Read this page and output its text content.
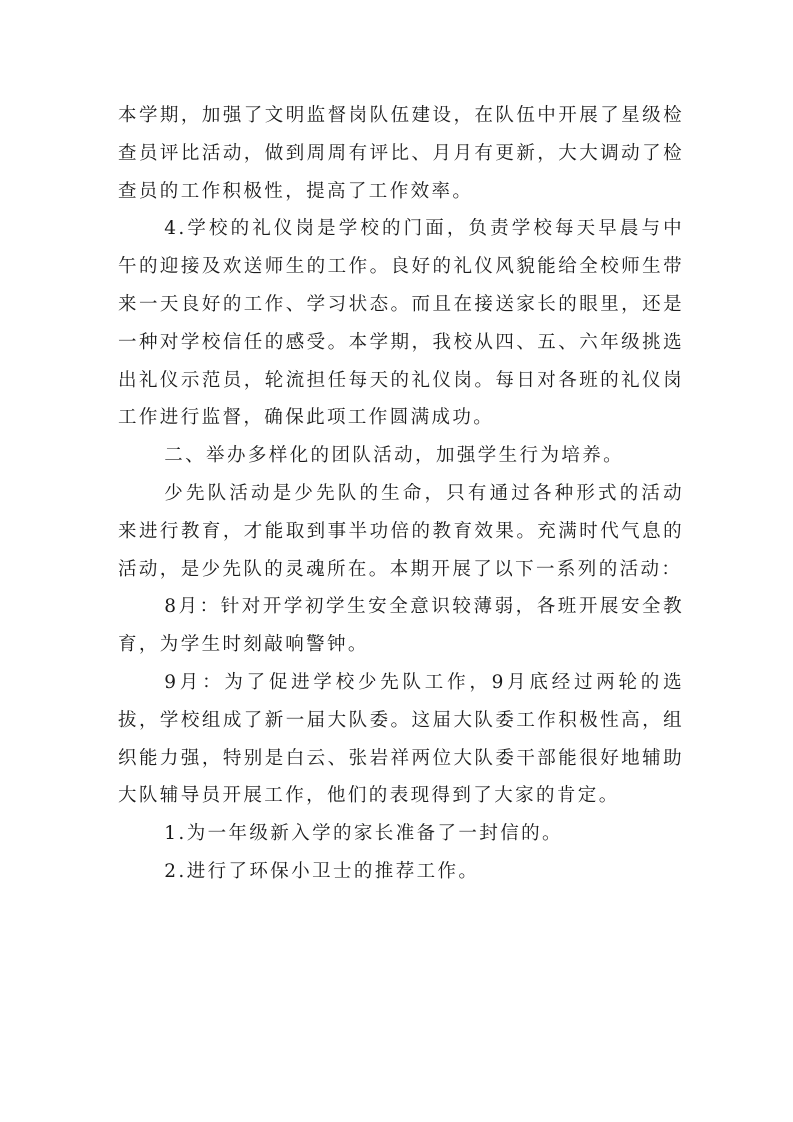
本学期，加强了文明监督岗队伍建设，在队伍中开展了星级检查员评比活动，做到周周有评比、月月有更新，大大调动了检查员的工作积极性，提高了工作效率。

4.学校的礼仪岗是学校的门面，负责学校每天早晨与中午的迎接及欢送师生的工作。良好的礼仪风貌能给全校师生带来一天良好的工作、学习状态。而且在接送家长的眼里，还是一种对学校信任的感受。本学期，我校从四、五、六年级挑选出礼仪示范员，轮流担任每天的礼仪岗。每日对各班的礼仪岗工作进行监督，确保此项工作圆满成功。

二、举办多样化的团队活动，加强学生行为培养。

少先队活动是少先队的生命，只有通过各种形式的活动来进行教育，才能取到事半功倍的教育效果。充满时代气息的活动，是少先队的灵魂所在。本期开展了以下一系列的活动：

8月：针对开学初学生安全意识较薄弱，各班开展安全教育，为学生时刻敲响警钟。

9月：为了促进学校少先队工作，9月底经过两轮的选拔，学校组成了新一届大队委。这届大队委工作积极性高，组织能力强，特别是白云、张岩祥两位大队委干部能很好地辅助大队辅导员开展工作，他们的表现得到了大家的肯定。

1.为一年级新入学的家长准备了一封信的。

2.进行了环保小卫士的推荐工作。
